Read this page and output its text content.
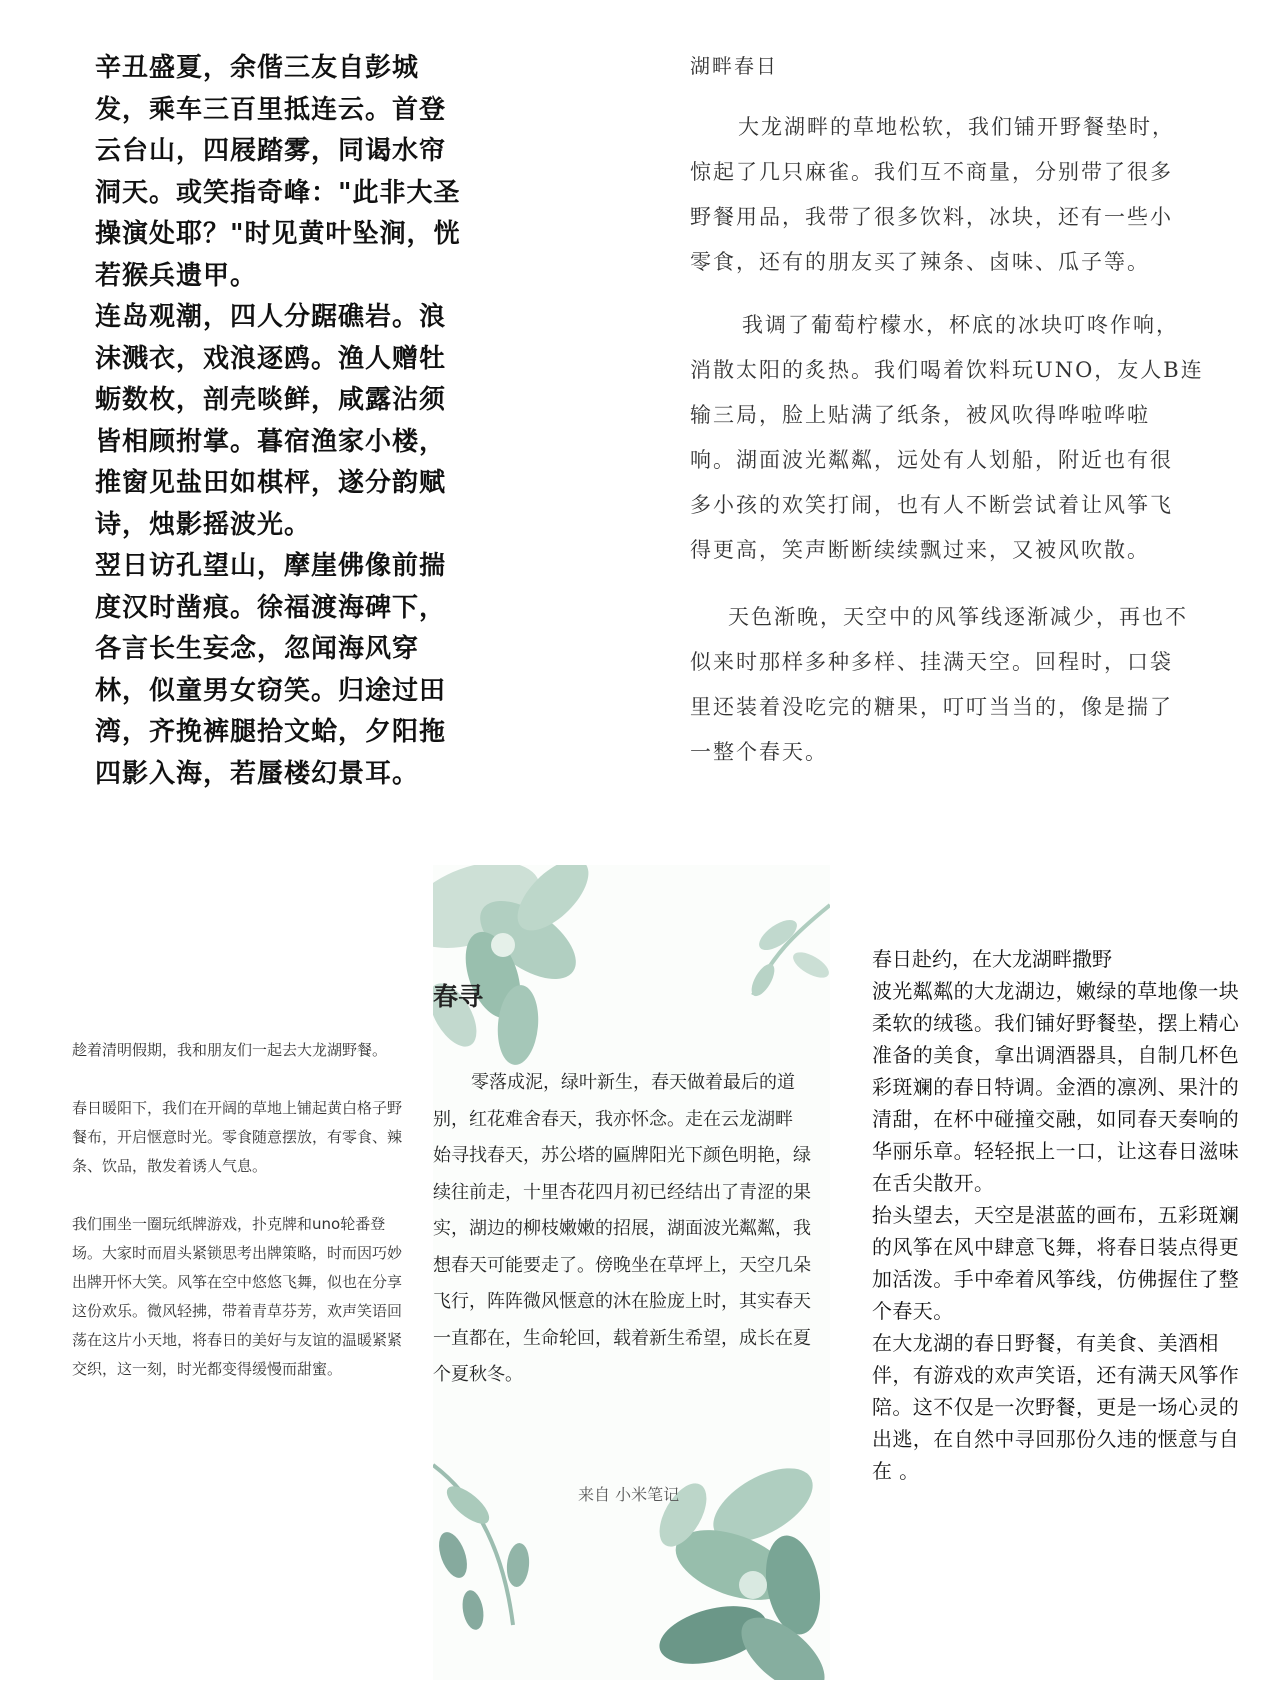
辛丑盛夏，余偕三友自彭城

发，乘车三百里抵连云。首登

云台山，四屐踏雾，同谒水帘

洞天。或笑指奇峰："此非大圣

操演处耶？"时见黄叶坠涧，恍

若猴兵遗甲。

连岛观潮，四人分踞礁岩。浪

沫溅衣，戏浪逐鸥。渔人赠牡

蛎数枚，剖壳啖鲜，咸露沾须

皆相顾拊掌。暮宿渔家小楼，

推窗见盐田如棋枰，遂分韵赋

诗，烛影摇波光。

翌日访孔望山，摩崖佛像前揣

度汉时凿痕。徐福渡海碑下，

各言长生妄念，忽闻海风穿

林，似童男女窃笑。归途过田

湾，齐挽裤腿拾文蛤，夕阳拖

四影入海，若蜃楼幻景耳。

湖畔春日

大龙湖畔的草地松软，我们铺开野餐垫时，

惊起了几只麻雀。我们互不商量，分别带了很多

野餐用品，我带了很多饮料，冰块，还有一些小

零食，还有的朋友买了辣条、卤味、瓜子等。

我调了葡萄柠檬水，杯底的冰块叮咚作响，

消散太阳的炙热。我们喝着饮料玩UNO，友人B连

输三局，脸上贴满了纸条，被风吹得哗啦哗啦

响。湖面波光粼粼，远处有人划船，附近也有很

多小孩的欢笑打闹，也有人不断尝试着让风筝飞

得更高，笑声断断续续飘过来，又被风吹散。

天色渐晚，天空中的风筝线逐渐减少，再也不

似来时那样多种多样、挂满天空。回程时，口袋

里还装着没吃完的糖果，叮叮当当的，像是揣了

一整个春天。

趁着清明假期，我和朋友们一起去大龙湖野餐。

春日暖阳下，我们在开阔的草地上铺起黄白格子野餐布，开启惬意时光。零食随意摆放，有零食、辣条、饮品，散发着诱人气息。

我们围坐一圈玩纸牌游戏，扑克牌和uno轮番登场。大家时而眉头紧锁思考出牌策略，时而因巧妙出牌开怀大笑。风筝在空中悠悠飞舞，似也在分享这份欢乐。微风轻拂，带着青草芬芳，欢声笑语回荡在这片小天地，将春日的美好与友谊的温暖紧紧交织，这一刻，时光都变得缓慢而甜蜜。

春寻

零落成泥，绿叶新生，春天做着最后的道

别，红花难舍春天，我亦怀念。走在云龙湖畔

始寻找春天，苏公塔的匾牌阳光下颜色明艳，绿

续往前走，十里杏花四月初已经结出了青涩的果

实，湖边的柳枝嫩嫩的招展，湖面波光粼粼，我

想春天可能要走了。傍晚坐在草坪上，天空几朵

飞行，阵阵微风惬意的沐在脸庞上时，其实春天

一直都在，生命轮回，载着新生希望，成长在夏

个夏秋冬。

来自 小米笔记
春日赴约，在大龙湖畔撒野

波光粼粼的大龙湖边，嫩绿的草地像一块柔软的绒毯。我们铺好野餐垫，摆上精心准备的美食，拿出调酒器具，自制几杯色彩斑斓的春日特调。金酒的凛冽、果汁的清甜，在杯中碰撞交融，如同春天奏响的华丽乐章。轻轻抿上一口，让这春日滋味在舌尖散开。

抬头望去，天空是湛蓝的画布，五彩斑斓的风筝在风中肆意飞舞，将春日装点得更加活泼。手中牵着风筝线，仿佛握住了整个春天。

在大龙湖的春日野餐，有美食、美酒相伴，有游戏的欢声笑语，还有满天风筝作陪。这不仅是一次野餐，更是一场心灵的出逃，在自然中寻回那份久违的惬意与自在 。
